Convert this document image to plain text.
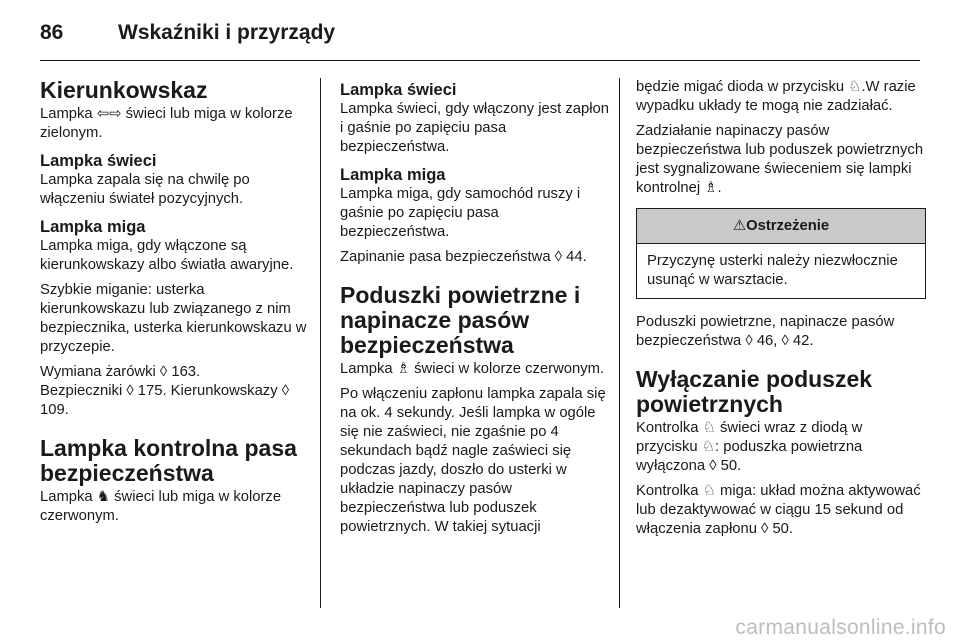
86	Wskaźniki i przyrządy
Kierunkowskaz

Lampka ⇦⇨ świeci lub miga w kolorze zielonym.

Lampka świeci

Lampka zapala się na chwilę po włączeniu świateł pozycyjnych.

Lampka miga

Lampka miga, gdy włączone są kierunkowskazy albo światła awaryjne.

Szybkie miganie: usterka kierunkowskazu lub związanego z nim bezpiecznika, usterka kierunkowskazu w przyczepie.

Wymiana żarówki ◊ 163.

Bezpieczniki ◊ 175. Kierunkowskazy ◊ 109.

Lampka kontrolna pasa bezpieczeństwa

Lampka ♞ świeci lub miga w kolorze czerwonym.

Lampka świeci

Lampka świeci, gdy włączony jest zapłon i gaśnie po zapięciu pasa bezpieczeństwa.

Lampka miga

Lampka miga, gdy samochód ruszy i gaśnie po zapięciu pasa bezpieczeństwa.

Zapinanie pasa bezpieczeństwa ◊ 44.

Poduszki powietrzne i napinacze pasów bezpieczeństwa

Lampka ♗ świeci w kolorze czerwonym.

Po włączeniu zapłonu lampka zapala się na ok. 4 sekundy. Jeśli lampka w ogóle się nie zaświeci, nie zgaśnie po 4 sekundach bądź nagle zaświeci się podczas jazdy, doszło do usterki w układzie napinaczy pasów bezpieczeństwa lub poduszek powietrznych. W takiej sytuacji

będzie migać dioda w przycisku ♘.W razie wypadku układy te mogą nie zadziałać.

Zadziałanie napinaczy pasów bezpieczeństwa lub poduszek powietrznych jest sygnalizowane świeceniem się lampki kontrolnej ♗.

⚠Ostrzeżenie
Przyczynę usterki należy niezwłocznie usunąć w warsztacie.

Poduszki powietrzne, napinacze pasów bezpieczeństwa ◊ 46, ◊ 42.

Wyłączanie poduszek powietrznych

Kontrolka ♘ świeci wraz z diodą w przycisku ♘: poduszka powietrzna wyłączona ◊ 50.

Kontrolka ♘ miga: układ można aktywować lub dezaktywować w ciągu 15 sekund od włączenia zapłonu ◊ 50.

carmanualsonline.info
